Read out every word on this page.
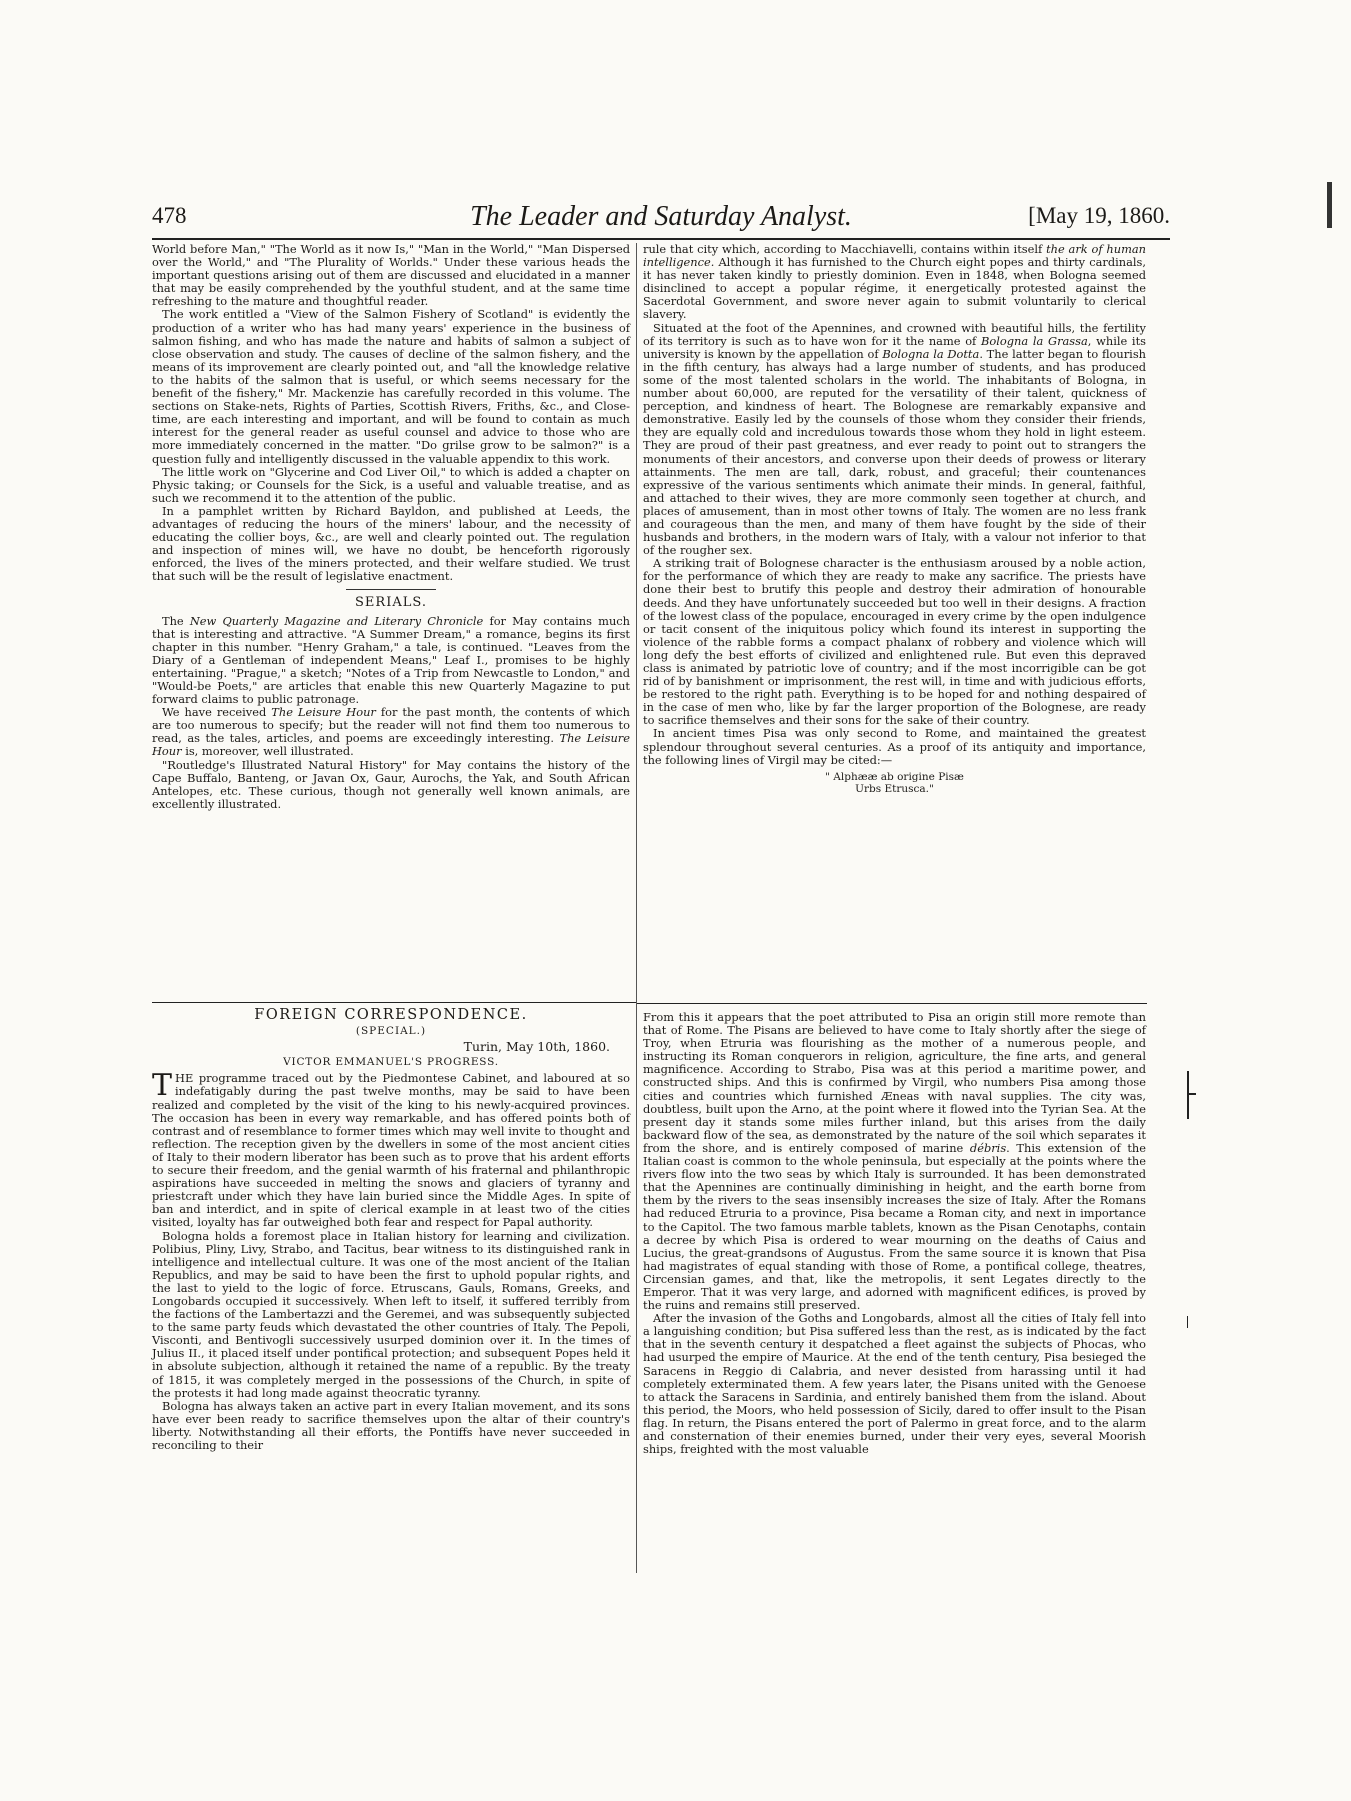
478	The Leader and Saturday Analyst.	[May 19, 1860.

World before Man," "The World as it now Is," "Man in the World," "Man Dispersed over the World," and "The Plurality of Worlds." Under these various heads the important questions arising out of them are discussed and elucidated in a manner that may be easily comprehended by the youthful student, and at the same time refreshing to the mature and thoughtful reader.

The work entitled a "View of the Salmon Fishery of Scotland" is evidently the production of a writer who has had many years' experience in the business of salmon fishing, and who has made the nature and habits of salmon a subject of close observation and study. The causes of decline of the salmon fishery, and the means of its improvement are clearly pointed out, and "all the knowledge relative to the habits of the salmon that is useful, or which seems necessary for the benefit of the fishery," Mr. Mackenzie has carefully recorded in this volume. The sections on Stake-nets, Rights of Parties, Scottish Rivers, Friths, &c., and Close-time, are each interesting and important, and will be found to contain as much interest for the general reader as useful counsel and advice to those who are more immediately concerned in the matter. "Do grilse grow to be salmon?" is a question fully and intelligently discussed in the valuable appendix to this work.

The little work on "Glycerine and Cod Liver Oil," to which is added a chapter on Physic taking; or Counsels for the Sick, is a useful and valuable treatise, and as such we recommend it to the attention of the public.

In a pamphlet written by Richard Bayldon, and published at Leeds, the advantages of reducing the hours of the miners' labour, and the necessity of educating the collier boys, &c., are well and clearly pointed out. The regulation and inspection of mines will, we have no doubt, be henceforth rigorously enforced, the lives of the miners protected, and their welfare studied. We trust that such will be the result of legislative enactment.

SERIALS.

The New Quarterly Magazine and Literary Chronicle for May contains much that is interesting and attractive. "A Summer Dream," a romance, begins its first chapter in this number. "Henry Graham," a tale, is continued. "Leaves from the Diary of a Gentleman of independent Means," Leaf I., promises to be highly entertaining. "Prague," a sketch; "Notes of a Trip from Newcastle to London," and "Would-be Poets," are articles that enable this new Quarterly Magazine to put forward claims to public patronage.

We have received The Leisure Hour for the past month, the contents of which are too numerous to specify; but the reader will not find them too numerous to read, as the tales, articles, and poems are exceedingly interesting. The Leisure Hour is, moreover, well illustrated.

"Routledge's Illustrated Natural History" for May contains the history of the Cape Buffalo, Banteng, or Javan Ox, Gaur, Aurochs, the Yak, and South African Antelopes, etc. These curious, though not generally well known animals, are excellently illustrated.

FOREIGN CORRESPONDENCE.
(SPECIAL.)
Turin, May 10th, 1860.
VICTOR EMMANUEL'S PROGRESS.

THE programme traced out by the Piedmontese Cabinet, and laboured at so indefatigably during the past twelve months, may be said to have been realized and completed by the visit of the king to his newly-acquired provinces. The occasion has been in every way remarkable, and has offered points both of contrast and of resemblance to former times which may well invite to thought and reflection. The reception given by the dwellers in some of the most ancient cities of Italy to their modern liberator has been such as to prove that his ardent efforts to secure their freedom, and the genial warmth of his fraternal and philanthropic aspirations have succeeded in melting the snows and glaciers of tyranny and priestcraft under which they have lain buried since the Middle Ages. In spite of ban and interdict, and in spite of clerical example in at least two of the cities visited, loyalty has far outweighed both fear and respect for Papal authority.

Bologna holds a foremost place in Italian history for learning and civilization. Polibius, Pliny, Livy, Strabo, and Tacitus, bear witness to its distinguished rank in intelligence and intellectual culture. It was one of the most ancient of the Italian Republics, and may be said to have been the first to uphold popular rights, and the last to yield to the logic of force. Etruscans, Gauls, Romans, Greeks, and Longobards occupied it successively. When left to itself, it suffered terribly from the factions of the Lambertazzi and the Geremei, and was subsequently subjected to the same party feuds which devastated the other countries of Italy. The Pepoli, Visconti, and Bentivogli successively usurped dominion over it. In the times of Julius II., it placed itself under pontifical protection; and subsequent Popes held it in absolute subjection, although it retained the name of a republic. By the treaty of 1815, it was completely merged in the possessions of the Church, in spite of the protests it had long made against theocratic tyranny.

Bologna has always taken an active part in every Italian movement, and its sons have ever been ready to sacrifice themselves upon the altar of their country's liberty. Notwithstanding all their efforts, the Pontiffs have never succeeded in reconciling to their

rule that city which, according to Macchiavelli, contains within itself the ark of human intelligence. Although it has furnished to the Church eight popes and thirty cardinals, it has never taken kindly to priestly dominion. Even in 1848, when Bologna seemed disinclined to accept a popular régime, it energetically protested against the Sacerdotal Government, and swore never again to submit voluntarily to clerical slavery.

Situated at the foot of the Apennines, and crowned with beautiful hills, the fertility of its territory is such as to have won for it the name of Bologna la Grassa, while its university is known by the appellation of Bologna la Dotta. The latter began to flourish in the fifth century, has always had a large number of students, and has produced some of the most talented scholars in the world. The inhabitants of Bologna, in number about 60,000, are reputed for the versatility of their talent, quickness of perception, and kindness of heart. The Bolognese are remarkably expansive and demonstrative. Easily led by the counsels of those whom they consider their friends, they are equally cold and incredulous towards those whom they hold in light esteem. They are proud of their past greatness, and ever ready to point out to strangers the monuments of their ancestors, and converse upon their deeds of prowess or literary attainments. The men are tall, dark, robust, and graceful; their countenances expressive of the various sentiments which animate their minds. In general, faithful, and attached to their wives, they are more commonly seen together at church, and places of amusement, than in most other towns of Italy. The women are no less frank and courageous than the men, and many of them have fought by the side of their husbands and brothers, in the modern wars of Italy, with a valour not inferior to that of the rougher sex.

A striking trait of Bolognese character is the enthusiasm aroused by a noble action, for the performance of which they are ready to make any sacrifice. The priests have done their best to brutify this people and destroy their admiration of honourable deeds. And they have unfortunately succeeded but too well in their designs. A fraction of the lowest class of the populace, encouraged in every crime by the open indulgence or tacit consent of the iniquitous policy which found its interest in supporting the violence of the rabble forms a compact phalanx of robbery and violence which will long defy the best efforts of civilized and enlightened rule. But even this depraved class is animated by patriotic love of country; and if the most incorrigible can be got rid of by banishment or imprisonment, the rest will, in time and with judicious efforts, be restored to the right path. Everything is to be hoped for and nothing despaired of in the case of men who, like by far the larger proportion of the Bolognese, are ready to sacrifice themselves and their sons for the sake of their country.

In ancient times Pisa was only second to Rome, and maintained the greatest splendour throughout several centuries. As a proof of its antiquity and importance, the following lines of Virgil may be cited:—

" Alphææ ab origine Pisæ
Urbs Etrusca."

From this it appears that the poet attributed to Pisa an origin still more remote than that of Rome. The Pisans are believed to have come to Italy shortly after the siege of Troy, when Etruria was flourishing as the mother of a numerous people, and instructing its Roman conquerors in religion, agriculture, the fine arts, and general magnificence. According to Strabo, Pisa was at this period a maritime power, and constructed ships. And this is confirmed by Virgil, who numbers Pisa among those cities and countries which furnished Æneas with naval supplies. The city was, doubtless, built upon the Arno, at the point where it flowed into the Tyrian Sea. At the present day it stands some miles further inland, but this arises from the daily backward flow of the sea, as demonstrated by the nature of the soil which separates it from the shore, and is entirely composed of marine débris. This extension of the Italian coast is common to the whole peninsula, but especially at the points where the rivers flow into the two seas by which Italy is surrounded. It has been demonstrated that the Apennines are continually diminishing in height, and the earth borne from them by the rivers to the seas insensibly increases the size of Italy. After the Romans had reduced Etruria to a province, Pisa became a Roman city, and next in importance to the Capitol. The two famous marble tablets, known as the Pisan Cenotaphs, contain a decree by which Pisa is ordered to wear mourning on the deaths of Caius and Lucius, the great-grandsons of Augustus. From the same source it is known that Pisa had magistrates of equal standing with those of Rome, a pontifical college, theatres, Circensian games, and that, like the metropolis, it sent Legates directly to the Emperor. That it was very large, and adorned with magnificent edifices, is proved by the ruins and remains still preserved.

After the invasion of the Goths and Longobards, almost all the cities of Italy fell into a languishing condition; but Pisa suffered less than the rest, as is indicated by the fact that in the seventh century it despatched a fleet against the subjects of Phocas, who had usurped the empire of Maurice. At the end of the tenth century, Pisa besieged the Saracens in Reggio di Calabria, and never desisted from harassing until it had completely exterminated them. A few years later, the Pisans united with the Genoese to attack the Saracens in Sardinia, and entirely banished them from the island. About this period, the Moors, who held possession of Sicily, dared to offer insult to the Pisan flag. In return, the Pisans entered the port of Palermo in great force, and to the alarm and consternation of their enemies burned, under their very eyes, several Moorish ships, freighted with the most valuable
